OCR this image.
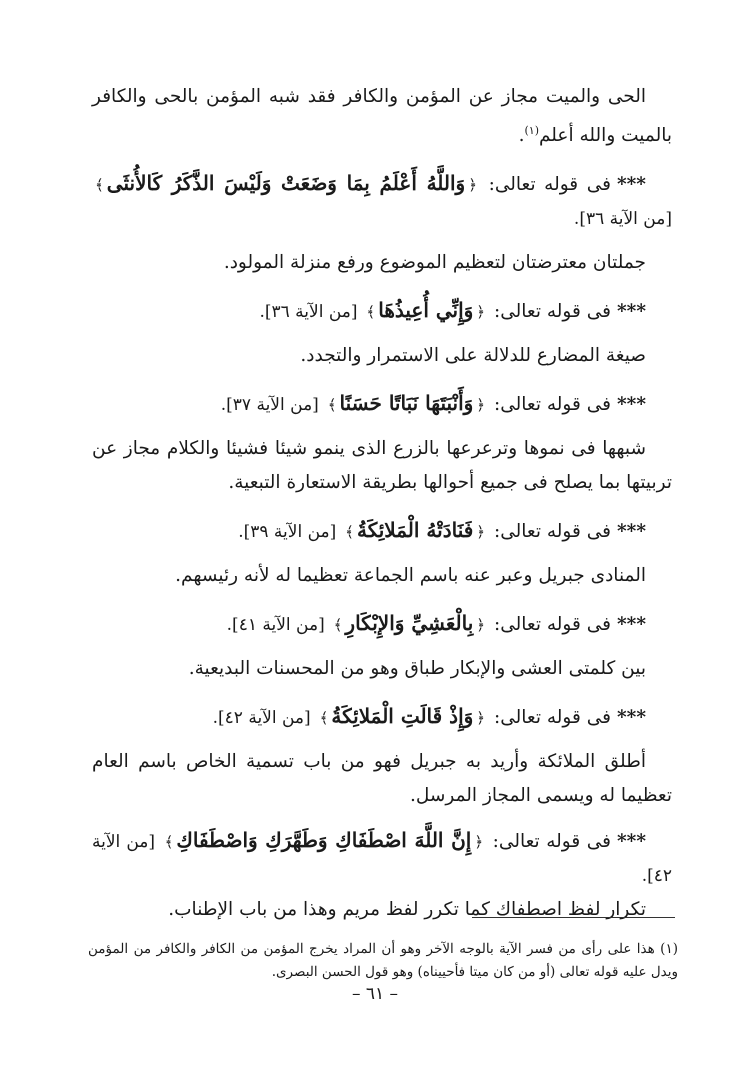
الحى والميت مجاز عن المؤمن والكافر فقد شبه المؤمن بالحى والكافر بالميت والله أعلم$^{(١)}$.

***فى قوله تعالى: ﴿وَاللَّهُ أَعْلَمُ بِمَا وَضَعَتْ وَلَيْسَ الذَّكَرُ كَالأُنثَى﴾ [من الآية ٣٦].

جملتان معترضتان لتعظيم الموضوع ورفع منزلة المولود.

***فى قوله تعالى: ﴿وَإِنِّي أُعِيذُهَا﴾ [من الآية ٣٦].

صيغة المضارع للدلالة على الاستمرار والتجدد.

***فى قوله تعالى: ﴿وَأَنْبَتَهَا نَبَاتًا حَسَنًا﴾ [من الآية ٣٧].

شبهها فى نموها وترعرعها بالزرع الذى ينمو شيئا فشيئا والكلام مجاز عن تربيتها بما يصلح فى جميع أحوالها بطريقة الاستعارة التبعية.

***فى قوله تعالى: ﴿فَنَادَتْهُ الْمَلائِكَةُ﴾ [من الآية ٣٩].

المنادى جبريل وعبر عنه باسم الجماعة تعظيما له لأنه رئيسهم.

***فى قوله تعالى: ﴿بِالْعَشِيِّ وَالإِبْكَارِ﴾ [من الآية ٤١].

بين كلمتى العشى والإبكار طباق وهو من المحسنات البديعية.

***فى قوله تعالى: ﴿وَإِذْ قَالَتِ الْمَلائِكَةُ﴾ [من الآية ٤٢].

أطلق الملائكة وأريد به جبريل فهو من باب تسمية الخاص باسم العام تعظيما له ويسمى المجاز المرسل.

***فى قوله تعالى: ﴿إِنَّ اللَّهَ اصْطَفَاكِ وَطَهَّرَكِ وَاصْطَفَاكِ﴾ [من الآية ٤٢].

تكرار لفظ اصطفاك كما تكرر لفظ مريم وهذا من باب الإطناب.

(١) هذا على رأى من فسر الآية بالوجه الآخر وهو أن المراد يخرج المؤمن من الكافر والكافر من المؤمن ويدل عليه قوله تعالى (أو من كان ميتا فأحييناه) وهو قول الحسن البصرى.

– ٦١ –
